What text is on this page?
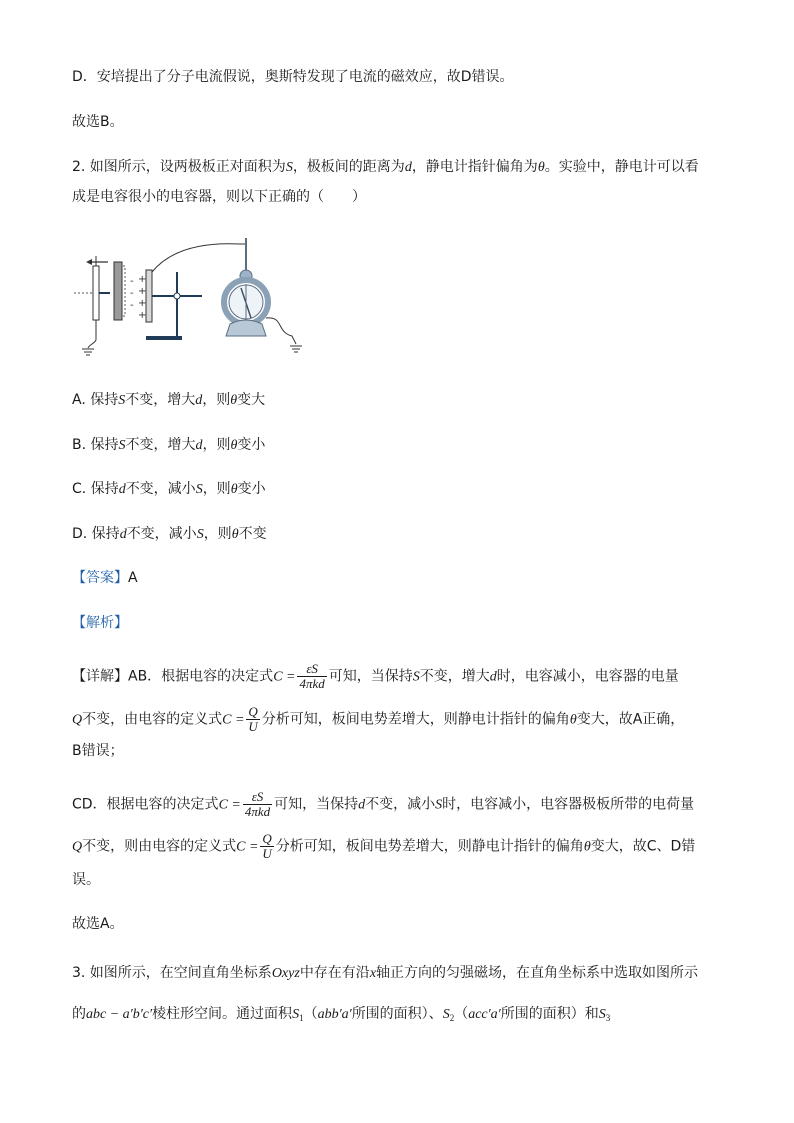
D．安培提出了分子电流假说，奥斯特发现了电流的磁效应，故D错误。
故选B。
2. 如图所示，设两极板正对面积为S，极板间的距离为d，静电计指针偏角为θ。实验中，静电计可以看
成是电容很小的电容器，则以下正确的（　　）
-
-
-
+
+
+
+
A. 保持S不变，增大d，则θ变大
B. 保持S不变，增大d，则θ变小
C. 保持d不变，减小S，则θ变小
D. 保持d不变，减小S，则θ不变
【答案】A
【解析】
【详解】AB．根据电容的决定式$C = \frac{\varepsilon S}{\text{4πkd}}$ 可知，当保持S不变，增大d时，电容减小，电容器的电量
Q不变，由电容的定义式$C = \frac{Q}{U}$ 分析可知，板间电势差增大，则静电计指针的偏角θ变大，故A正确，
B错误；
CD．根据电容的决定式$C = \frac{\varepsilon S}{\text{4πkd}}$ 可知，当保持d不变，减小S时，电容减小，电容器极板所带的电荷量
Q不变，则由电容的定义式$C = \frac{Q}{U}$ 分析可知，板间电势差增大，则静电计指针的偏角θ变大，故C、D错
误。
故选A。
3. 如图所示，在空间直角坐标系Oxyz中存在有沿x轴正方向的匀强磁场，在直角坐标系中选取如图所示
的abc − a′b′c′棱柱形空间。通过面积$S_1(abb'a'$所围的面积）、$S_2(acc'a'$所围的面积）和$S_3$
